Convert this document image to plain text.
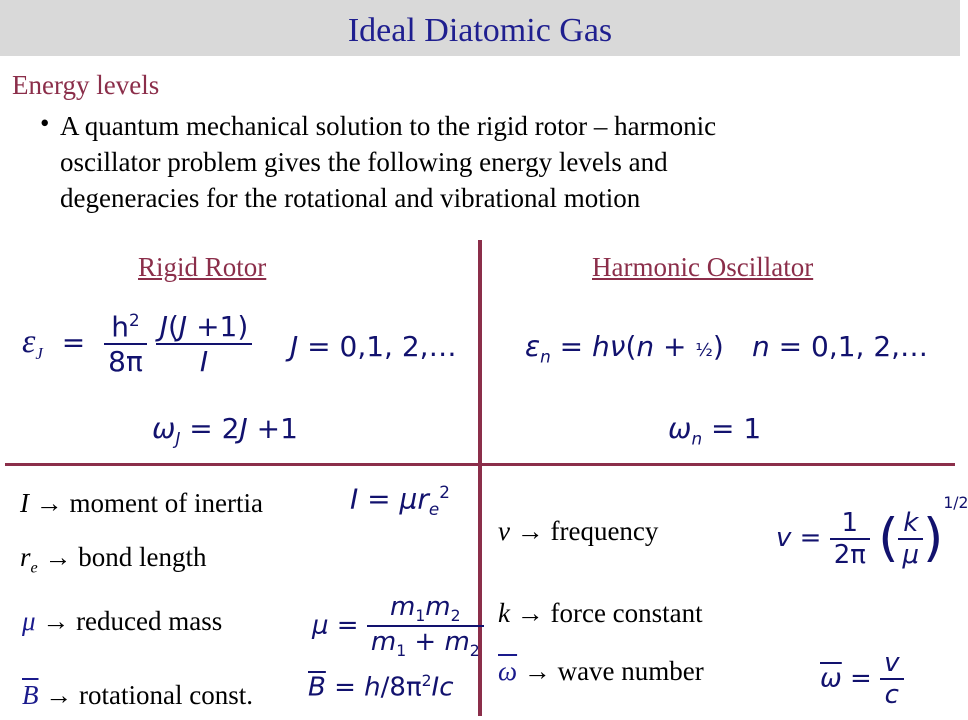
Ideal Diatomic Gas
Energy levels
• A quantum mechanical solution to the rigid rotor – harmonic
oscillator problem gives the following energy levels and
degeneracies for the rotational and vibrational motion
Rigid Rotor	Harmonic Oscillator
$\varepsilon_J = \frac{h^2}{8\pi}$
$\frac{J(J +1)}{I}$ J = 0,1, 2,…
$\omega_J = 2J +1$
$\varepsilon_n = h\nu(n$ + ½) n = 0,1, 2,…
$\omega_n = 1$
I → moment of inertia	$I = \mu r_e^2$
$r_e$ → bond length
μ → reduced mass	$\mu = \frac{m_1m_2}{m_1 + m_2}$
$\overline{B}$ → rotational const. $\overline{B} = h/8\pi^2Ic$
v → frequency	$v = \frac{1}{2\pi}$ ( $\frac{k}{\mu} )^{1/2}$
k → force constant
$\overline{\omega}$ → wave number	$\overline{\omega} = \frac{v}{c}$
